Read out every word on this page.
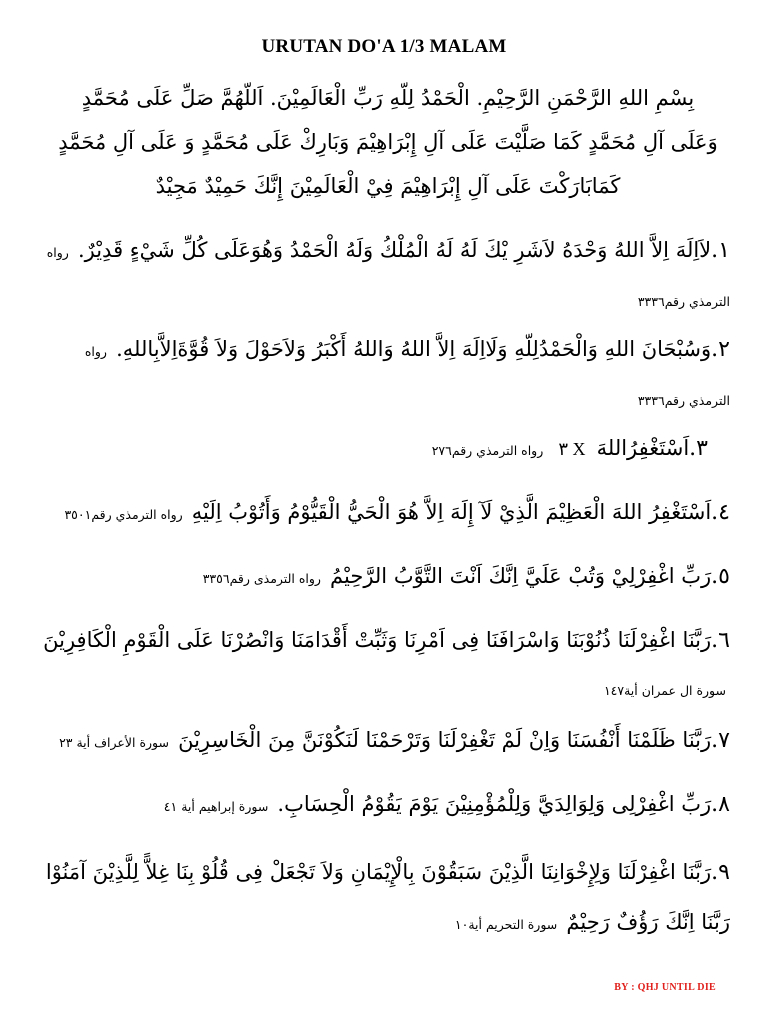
URUTAN DO'A 1/3 MALAM
بِسْمِ اللهِ الرَّحْمَنِ الرَّحِيْمِ. الْحَمْدُ لِلّهِ رَبِّ الْعَالَمِيْنَ. اَللّهُمَّ صَلِّ عَلَى مُحَمَّدٍ وَعَلَى آلِ مُحَمَّدٍ كَمَا صَلَّيْتَ عَلَى آلِ إِبْرَاهِيْمَ وَبَارِكْ عَلَى مُحَمَّدٍ وَ عَلَى آلِ مُحَمَّدٍ كَمَابَارَكْتَ عَلَى آلِ إِبْرَاهِيْمَ فِيْ الْعَالَمِيْنَ إِنَّكَ حَمِيْدٌ مَجِيْدٌ
١.لاَاِلَهَ اِلاَّ اللهُ وَحْدَهُ لاَشَرِ يْكَ لَهُ لَهُ الْمُلْكُ وَلَهُ الْحَمْدُ وَهُوَعَلَى كُلِّ شَيْءٍ قَدِيْرٌ. رواه الترمذي رقم٣٣٣٦
٢.وَسُبْحَانَ اللهِ وَالْحَمْدُلِلّهِ وَلَااِلَهَ اِلاَّ اللهُ وَاللهُ أَكْبَرُ وَلاَحَوْلَ وَلاَ قُوَّةَاِلاَّبِاللهِ. رواه الترمذي رقم٣٣٣٦
٣.اَسْتَغْفِرُاللهَ X ٣ رواه الترمذي رقم٢٧٦
٤.اَسْتَغْفِرُ اللهَ الْعَظِيْمَ الَّذِيْ لَآ إِلَهَ اِلاَّ هُوَ الْحَيُّ الْقَيُّوْمُ وَأَتُوْبُ اِلَيْهِ رواه الترمذي رقم٣٥٠١
٥.رَبِّ اغْفِرْلِيْ وَتُبْ عَلَيَّ اِنَّكَ اَنْتَ التَّوَّبُ الرَّحِيْمُ رواه الترمذى رقم٣٣٥٦
٦.رَبَّنَا اغْفِرْلَنَا ذُنُوْبَنَا وَاسْرَافَنَا فِى اَمْرِنَا وَثَبِّتْ أَقْدَامَنَا وَانْصُرْنَا عَلَى الْقَوْمِ الْكَافِرِيْنَ سورة ال عمران أية١٤٧
٧.رَبَّنَا ظَلَمْنَا أَنْفُسَنَا وَاِنْ لَمْ تَغْفِرْلَنَا وَتَرْحَمْنَا لَنَكُوْنَنَّ مِنَ الْخَاسِرِيْنَ سورة الأعراف أية ٢٣
٨.رَبِّ اغْفِرْلِى وَلِوَالِدَيَّ وَلِلْمُؤْمِنِيْنَ يَوْمَ يَقُوْمُ الْحِسَابِ. سورة إبراهيم أية ٤١
٩.رَبَّنَا اغْفِرْلَنَا وَلِإِخْوَانِنَا الَّذِيْنَ سَبَقُوْنَ بِالْإِيْمَانِ وَلاَ تَجْعَلْ فِى قُلُوْ بِنَا غِلاًّ لِلَّذِيْنَ آمَنُوْا رَبَّنَا اِنَّكَ رَؤُفٌ رَحِيْمٌ سورة التحريم أية١٠
BY : QHJ UNTIL DIE
